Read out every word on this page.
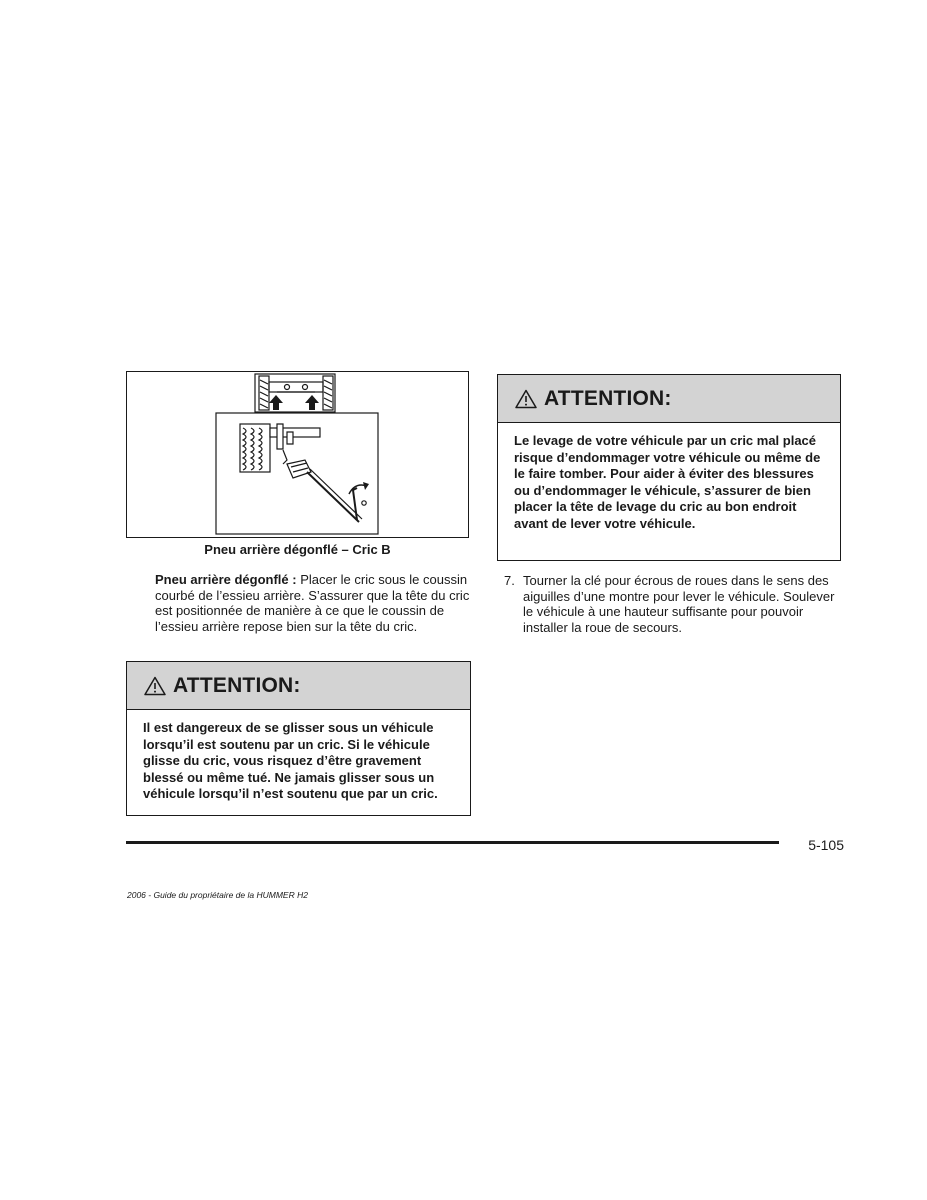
Pneu arrière dégonflé – Cric B
Pneu arrière dégonflé : Placer le cric sous le coussin courbé de l’essieu arrière. S’assurer que la tête du cric est positionnée de manière à ce que le coussin de l’essieu arrière repose bien sur la tête du cric.
ATTENTION:
Il est dangereux de se glisser sous un véhicule lorsqu’il est soutenu par un cric. Si le véhicule glisse du cric, vous risquez d’être gravement blessé ou même tué. Ne jamais glisser sous un véhicule lorsqu’il n’est soutenu que par un cric.
ATTENTION:
Le levage de votre véhicule par un cric mal placé risque d’endommager votre véhicule ou même de le faire tomber. Pour aider à éviter des blessures ou d’endommager le véhicule, s’assurer de bien placer la tête de levage du cric au bon endroit avant de lever votre véhicule.
7. Tourner la clé pour écrous de roues dans le sens des aiguilles d’une montre pour lever le véhicule. Soulever le véhicule à une hauteur suffisante pour pouvoir installer la roue de secours.
5-105
2006 - Guide du propriétaire de la HUMMER H2
